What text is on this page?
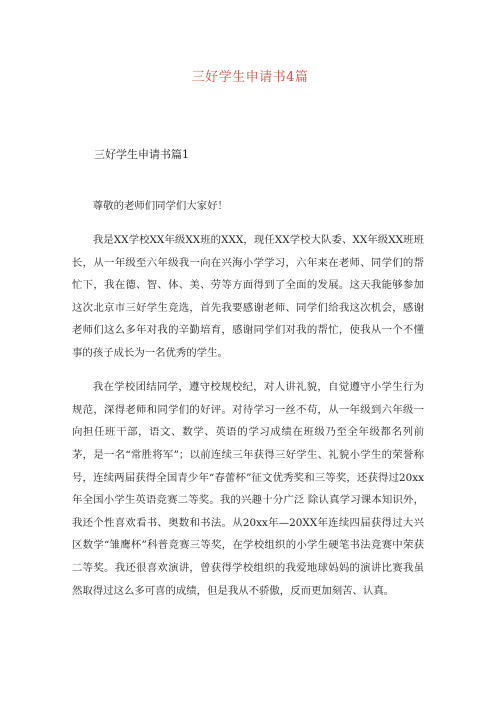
三好学生申请书4篇
三好学生申请书篇1

尊敬的老师们同学们大家好！

我是XX学校XX年级XX班的XXX，现任XX学校大队委、XX年级XX班班长，从一年级至六年级我一向在兴海小学学习，六年来在老师、同学们的帮忙下，我在德、智、体、美、劳等方面得到了全面的发展。这天我能够参加这次北京市三好学生竞选，首先我要感谢老师、同学们给我这次机会，感谢老师们这么多年对我的辛勤培育，感谢同学们对我的帮忙，使我从一个不懂事的孩子成长为一名优秀的学生。

我在学校团结同学，遵守校规校纪，对人讲礼貌，自觉遵守小学生行为规范，深得老师和同学们的好评。对待学习一丝不苟，从一年级到六年级一向担任班干部，语文、数学、英语的学习成绩在班级乃至全年级都名列前茅，是一名“常胜将军”；以前连续三年获得三好学生、礼貌小学生的荣誉称号，连续两届获得全国青少年“春蕾杯”征文优秀奖和三等奖，还获得过20xx年全国小学生英语竞赛二等奖。我的兴趣十分广泛 除认真学习课本知识外，我还个性喜欢看书、奥数和书法。从20xx年—20XX年连续四届获得过大兴区数学“雏鹰杯”科普竞赛三等奖，在学校组织的小学生硬笔书法竞赛中荣获二等奖。我还很喜欢演讲，曾获得学校组织的我爱地球妈妈的演讲比赛我虽然取得过这么多可喜的成绩，但是我从不骄傲，反而更加刻苦、认真。
